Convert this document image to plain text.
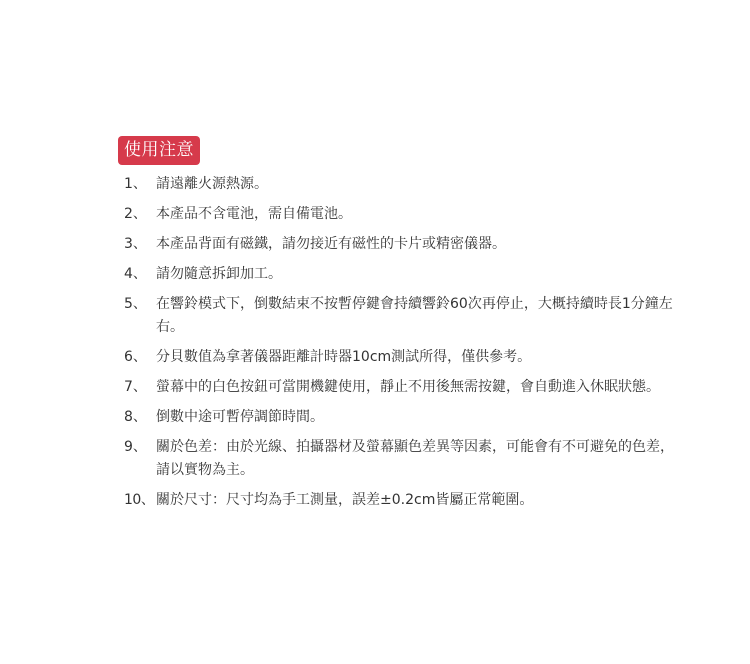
使用注意
1、 請遠離火源熱源。
2、 本產品不含電池，需自備電池。
3、 本產品背面有磁鐵，請勿接近有磁性的卡片或精密儀器。
4、 請勿隨意拆卸加工。
5、 在響鈴模式下，倒數結束不按暫停鍵會持續響鈴60次再停止，大概持續時長1分鐘左右。
6、 分貝數值為拿著儀器距離計時器10cm測試所得，僅供參考。
7、 螢幕中的白色按鈕可當開機鍵使用，靜止不用後無需按鍵，會自動進入休眠狀態。
8、 倒數中途可暫停調節時間。
9、 關於色差：由於光線、拍攝器材及螢幕顯色差異等因素，可能會有不可避免的色差，請以實物為主。
10、 關於尺寸：尺寸均為手工測量，誤差±0.2cm皆屬正常範圍。
